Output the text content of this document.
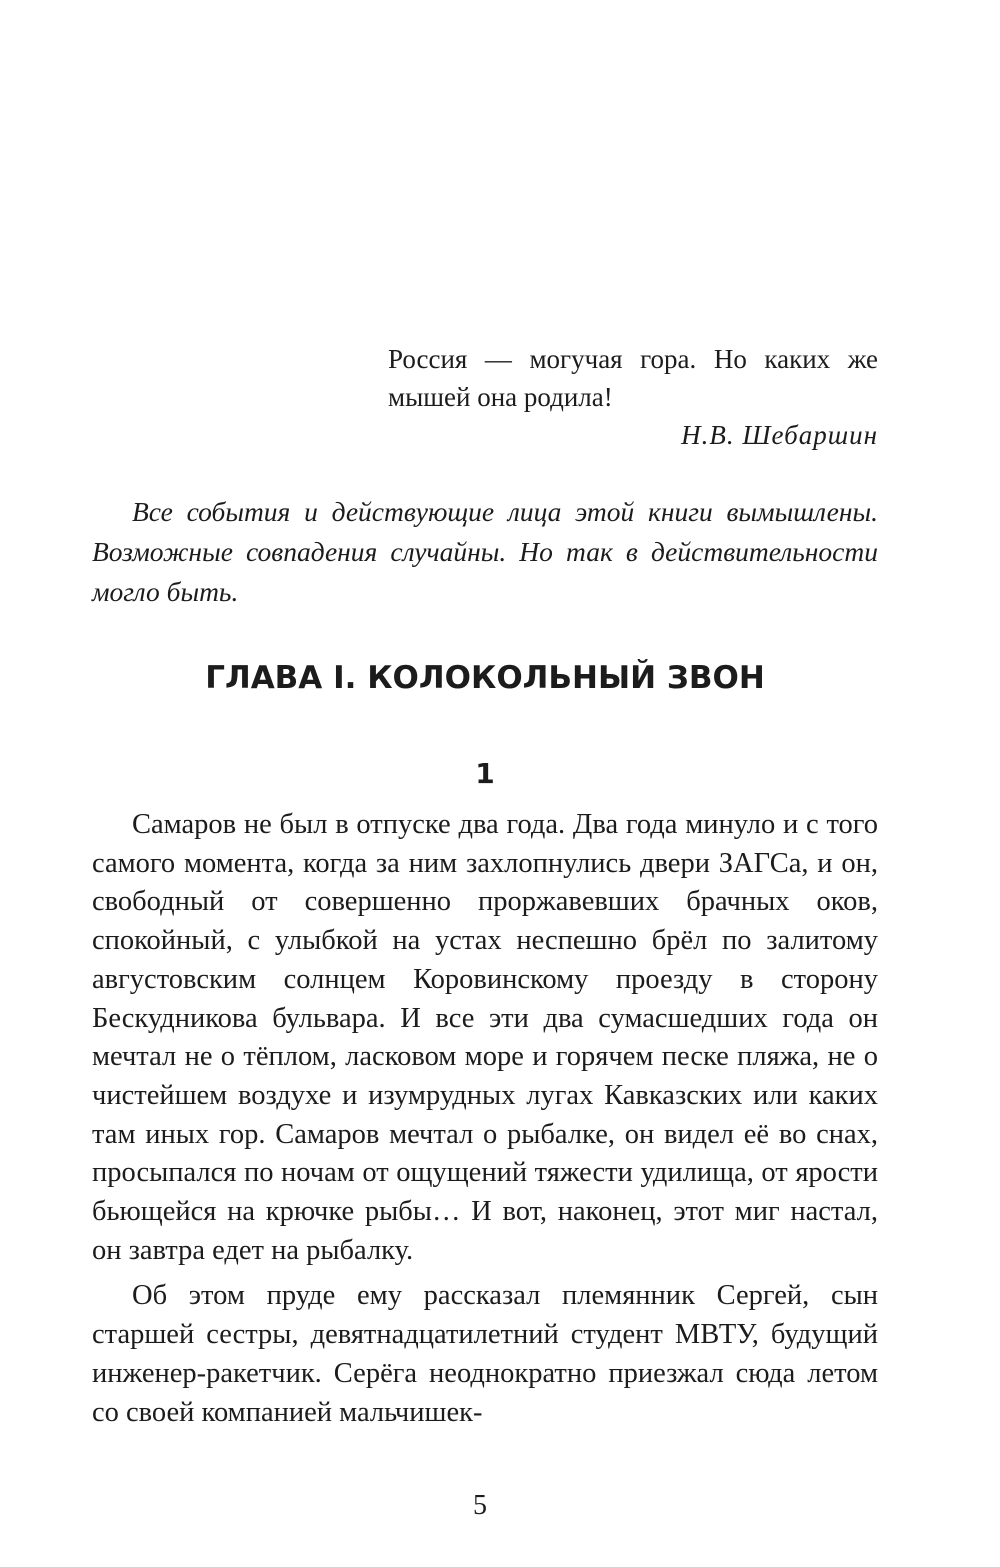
Россия — могучая гора. Но каких же мышей она родила!

Н.В. Шебаршин

Все события и действующие лица этой книги вымышлены. Возможные совпадения случайны. Но так в действительности могло быть.

ГЛАВА I. КОЛОКОЛЬНЫЙ ЗВОН
1

Самаров не был в отпуске два года. Два года минуло и с того самого момента, когда за ним захлопнулись двери ЗАГСа, и он, свободный от совершенно проржавевших брачных оков, спокойный, с улыбкой на устах неспешно брёл по залитому августовским солнцем Коровинскому проезду в сторону Бескудникова бульвара. И все эти два сумасшедших года он мечтал не о тёплом, ласковом море и горячем песке пляжа, не о чистейшем воздухе и изумрудных лугах Кавказских или каких там иных гор. Самаров мечтал о рыбалке, он видел её во снах, просыпался по ночам от ощущений тяжести удилища, от ярости бьющейся на крючке рыбы… И вот, наконец, этот миг настал, он завтра едет на рыбалку.

Об этом пруде ему рассказал племянник Сергей, сын старшей сестры, девятнадцатилетний студент МВТУ, будущий инженер-ракетчик. Серёга неоднократно приезжал сюда летом со своей компанией мальчишек-

5
